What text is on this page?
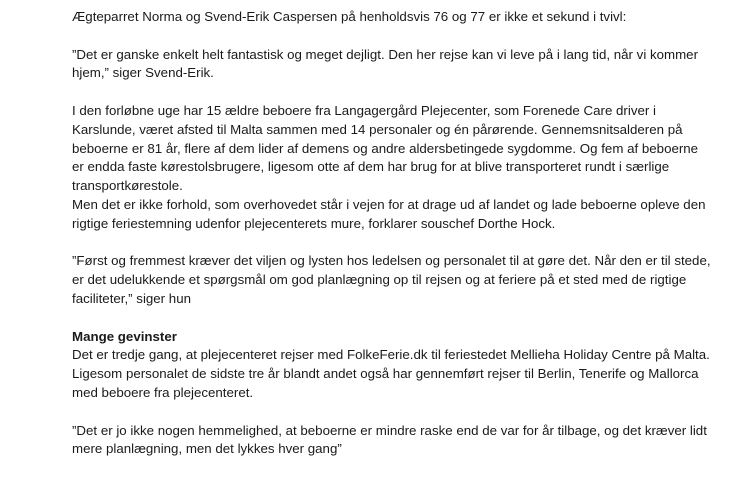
Ægteparret Norma og Svend-Erik Caspersen på henholdsvis 76 og 77 er ikke et sekund i tvivl:

”Det er ganske enkelt helt fantastisk og meget dejligt. Den her rejse kan vi leve på i lang tid, når vi kommer hjem,” siger Svend-Erik.

I den forløbne uge har 15 ældre beboere fra Langagergård Plejecenter, som Forenede Care driver i Karslunde, været afsted til Malta sammen med 14 personaler og én pårørende. Gennemsnitsalderen på beboerne er 81 år, flere af dem lider af demens og andre aldersbetingede sygdomme. Og fem af beboerne er endda faste kørestolsbrugere, ligesom otte af dem har brug for at blive transporteret rundt i særlige transportkørestole.

Men det er ikke forhold, som overhovedet står i vejen for at drage ud af landet og lade beboerne opleve den rigtige feriestemning udenfor plejecenterets mure, forklarer souschef Dorthe Hock.

”Først og fremmest kræver det viljen og lysten hos ledelsen og personalet til at gøre det. Når den er til stede, er det udelukkende et spørgsmål om god planlægning op til rejsen og at feriere på et sted med de rigtige faciliteter,” siger hun

Mange gevinster

Det er tredje gang, at plejecenteret rejser med FolkeFerie.dk til feriestedet Mellieha Holiday Centre på Malta. Ligesom personalet de sidste tre år blandt andet også har gennemført rejser til Berlin, Tenerife og Mallorca med beboere fra plejecenteret.

”Det er jo ikke nogen hemmelighed, at beboerne er mindre raske end de var for år tilbage, og det kræver lidt mere planlægning, men det lykkes hver gang”
